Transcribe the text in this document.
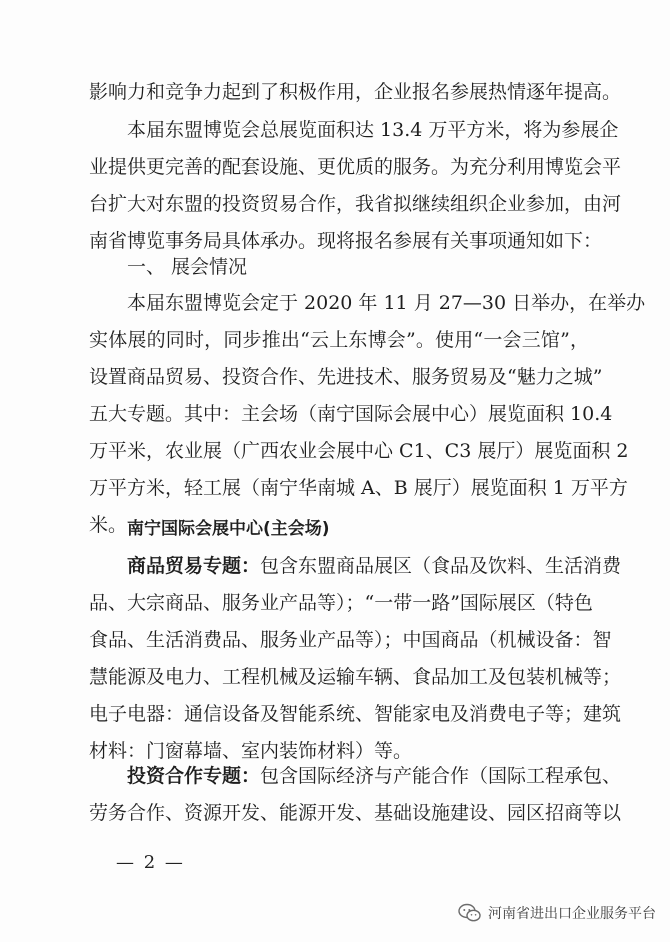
影响力和竞争力起到了积极作用，企业报名参展热情逐年提高。
本届东盟博览会总展览面积达 13.4 万平方米，将为参展企
业提供更完善的配套设施、更优质的服务。为充分利用博览会平
台扩大对东盟的投资贸易合作，我省拟继续组织企业参加，由河
南省博览事务局具体承办。现将报名参展有关事项通知如下：
一、 展会情况
本届东盟博览会定于 2020 年 11 月 27—30 日举办，在举办
实体展的同时，同步推出“云上东博会”。使用“一会三馆”，
设置商品贸易、投资合作、先进技术、服务贸易及“魅力之城”
五大专题。其中：主会场（南宁国际会展中心）展览面积 10.4
万平米，农业展（广西农业会展中心 C1、C3 展厅）展览面积 2
万平方米，轻工展（南宁华南城 A、B 展厅）展览面积 1 万平方
米。 南宁国际会展中心(主会场)
商品贸易专题： 包含东盟商品展区（食品及饮料、生活消费
品、大宗商品、服务业产品等）；“一带一路”国际展区（特色
食品、生活消费品、服务业产品等）；中国商品（机械设备：智
慧能源及电力、工程机械及运输车辆、食品加工及包装机械等；
电子电器：通信设备及智能系统、智能家电及消费电子等；建筑
材料：门窗幕墙、室内装饰材料）等。
投资合作专题： 包含国际经济与产能合作（国际工程承包、
劳务合作、资源开发、能源开发、基础设施建设、园区招商等以
— 2 —
河南省进出口企业服务平台
